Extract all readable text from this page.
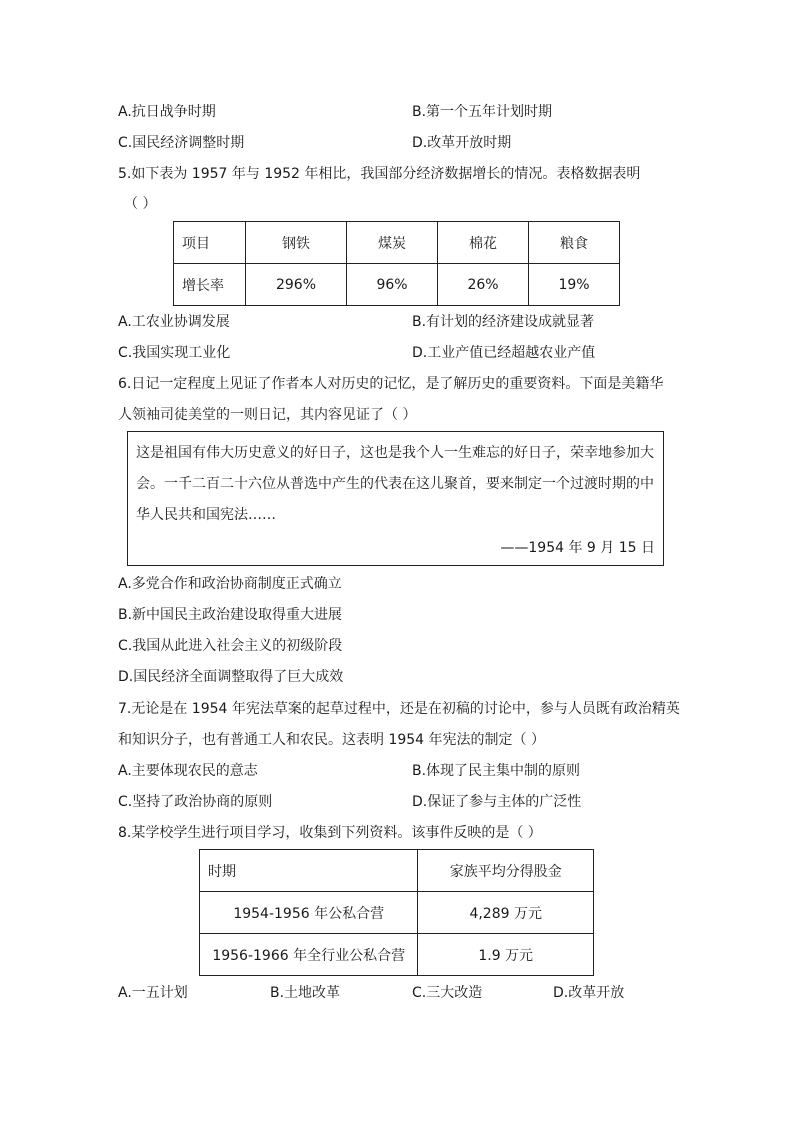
A.抗日战争时期	B.第一个五年计划时期
C.国民经济调整时期	D.改革开放时期
5.如下表为 1957 年与 1952 年相比，我国部分经济数据增长的情况。表格数据表明
（ ）
项目	钢铁	煤炭	棉花	粮食
增长率	296%	96%	26%	19%
A.工农业协调发展	B.有计划的经济建设成就显著
C.我国实现工业化	D.工业产值已经超越农业产值
6.日记一定程度上见证了作者本人对历史的记忆，是了解历史的重要资料。下面是美籍华
人领袖司徒美堂的一则日记，其内容见证了（ ）
这是祖国有伟大历史意义的好日子，这也是我个人一生难忘的好日子，荣幸地参加大
会。一千二百二十六位从普选中产生的代表在这儿聚首，要来制定一个过渡时期的中
华人民共和国宪法……
——1954 年 9 月 15 日
A.多党合作和政治协商制度正式确立
B.新中国民主政治建设取得重大进展
C.我国从此进入社会主义的初级阶段
D.国民经济全面调整取得了巨大成效
7.无论是在 1954 年宪法草案的起草过程中，还是在初稿的讨论中，参与人员既有政治精英
和知识分子，也有普通工人和农民。这表明 1954 年宪法的制定（ ）
A.主要体现农民的意志	B.体现了民主集中制的原则
C.坚持了政治协商的原则	D.保证了参与主体的广泛性
8.某学校学生进行项目学习，收集到下列资料。该事件反映的是（ ）
时期	家族平均分得股金
1954-1956 年公私合营	4,289 万元
1956-1966 年全行业公私合营	1.9 万元
A.一五计划	B.土地改革	C.三大改造	D.改革开放
